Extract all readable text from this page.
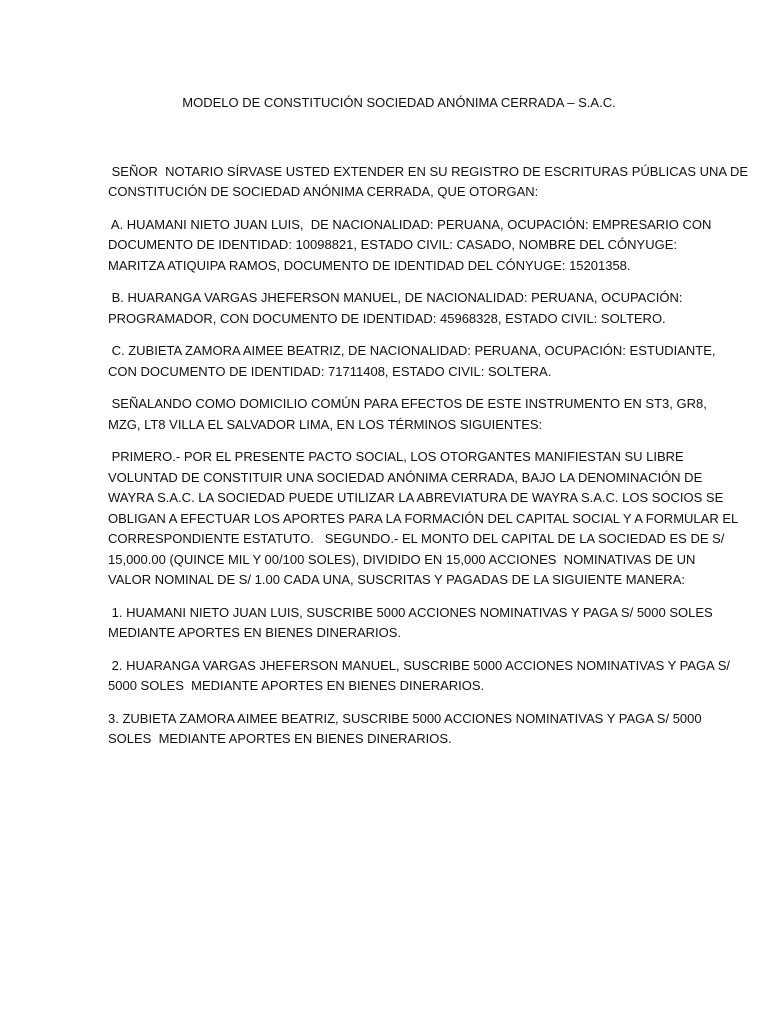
MODELO DE CONSTITUCIÓN SOCIEDAD ANÓNIMA CERRADA – S.A.C.
SEÑOR  NOTARIO SÍRVASE USTED EXTENDER EN SU REGISTRO DE ESCRITURAS PÚBLICAS UNA DE
CONSTITUCIÓN DE SOCIEDAD ANÓNIMA CERRADA, QUE OTORGAN:
A. HUAMANI NIETO JUAN LUIS,  DE NACIONALIDAD: PERUANA, OCUPACIÓN: EMPRESARIO CON
DOCUMENTO DE IDENTIDAD: 10098821, ESTADO CIVIL: CASADO, NOMBRE DEL CÓNYUGE:
MARITZA ATIQUIPA RAMOS, DOCUMENTO DE IDENTIDAD DEL CÓNYUGE: 15201358.
B. HUARANGA VARGAS JHEFERSON MANUEL, DE NACIONALIDAD: PERUANA, OCUPACIÓN:
PROGRAMADOR, CON DOCUMENTO DE IDENTIDAD: 45968328, ESTADO CIVIL: SOLTERO.
C. ZUBIETA ZAMORA AIMEE BEATRIZ, DE NACIONALIDAD: PERUANA, OCUPACIÓN: ESTUDIANTE,
CON DOCUMENTO DE IDENTIDAD: 71711408, ESTADO CIVIL: SOLTERA.
SEÑALANDO COMO DOMICILIO COMÚN PARA EFECTOS DE ESTE INSTRUMENTO EN ST3, GR8,
MZG, LT8 VILLA EL SALVADOR LIMA, EN LOS TÉRMINOS SIGUIENTES:
PRIMERO.- POR EL PRESENTE PACTO SOCIAL, LOS OTORGANTES MANIFIESTAN SU LIBRE
VOLUNTAD DE CONSTITUIR UNA SOCIEDAD ANÓNIMA CERRADA, BAJO LA DENOMINACIÓN DE
WAYRA S.A.C. LA SOCIEDAD PUEDE UTILIZAR LA ABREVIATURA DE WAYRA S.A.C. LOS SOCIOS SE
OBLIGAN A EFECTUAR LOS APORTES PARA LA FORMACIÓN DEL CAPITAL SOCIAL Y A FORMULAR EL
CORRESPONDIENTE ESTATUTO.   SEGUNDO.- EL MONTO DEL CAPITAL DE LA SOCIEDAD ES DE S/
15,000.00 (QUINCE MIL Y 00/100 SOLES), DIVIDIDO EN 15,000 ACCIONES  NOMINATIVAS DE UN
VALOR NOMINAL DE S/ 1.00 CADA UNA, SUSCRITAS Y PAGADAS DE LA SIGUIENTE MANERA:
1. HUAMANI NIETO JUAN LUIS, SUSCRIBE 5000 ACCIONES NOMINATIVAS Y PAGA S/ 5000 SOLES
MEDIANTE APORTES EN BIENES DINERARIOS.
2. HUARANGA VARGAS JHEFERSON MANUEL, SUSCRIBE 5000 ACCIONES NOMINATIVAS Y PAGA S/
5000 SOLES  MEDIANTE APORTES EN BIENES DINERARIOS.
3. ZUBIETA ZAMORA AIMEE BEATRIZ, SUSCRIBE 5000 ACCIONES NOMINATIVAS Y PAGA S/ 5000
SOLES  MEDIANTE APORTES EN BIENES DINERARIOS.
